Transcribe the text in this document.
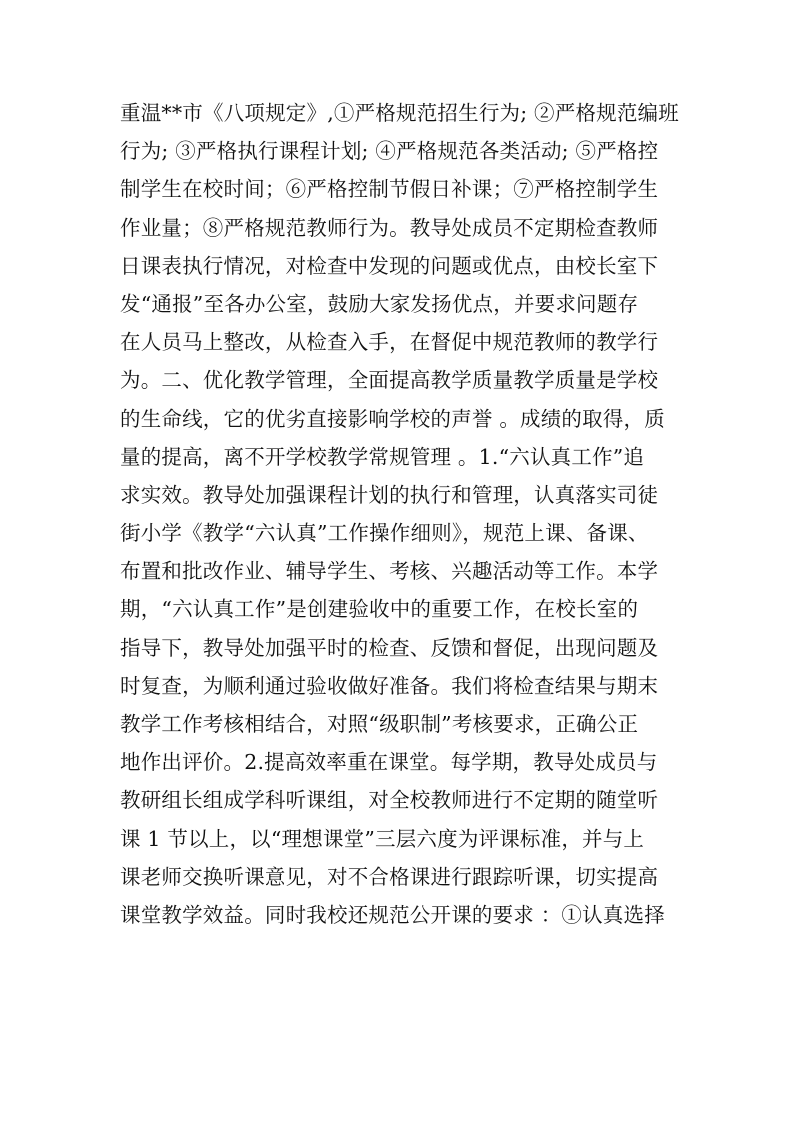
重温**市《八项规定》,①严格规范招生行为; ②严格规范编班
行为; ③严格执行课程计划; ④严格规范各类活动; ⑤严格控
制学生在校时间；⑥严格控制节假日补课；⑦严格控制学生
作业量；⑧严格规范教师行为。教导处成员不定期检查教师
日课表执行情况，对检查中发现的问题或优点，由校长室下
发“通报”至各办公室，鼓励大家发扬优点，并要求问题存
在人员马上整改，从检查入手，在督促中规范教师的教学行
为。二、优化教学管理，全面提高教学质量教学质量是学校
的生命线，它的优劣直接影响学校的声誉 。成绩的取得，质
量的提高，离不开学校教学常规管理 。1.“六认真工作”追
求实效。教导处加强课程计划的执行和管理，认真落实司徒
街小学《教学“六认真”工作操作细则》，规范上课、备课、
布置和批改作业、辅导学生、考核、兴趣活动等工作。本学
期，“六认真工作”是创建验收中的重要工作，在校长室的
指导下，教导处加强平时的检查、反馈和督促，出现问题及
时复查，为顺利通过验收做好准备。我们将检查结果与期末
教学工作考核相结合，对照“级职制”考核要求，正确公正
地作出评价。2.提高效率重在课堂。每学期，教导处成员与
教研组长组成学科听课组，对全校教师进行不定期的随堂听
课 1 节以上，以“理想课堂”三层六度为评课标准，并与上
课老师交换听课意见，对不合格课进行跟踪听课，切实提高
课堂教学效益。同时我校还规范公开课的要求 ：①认真选择
